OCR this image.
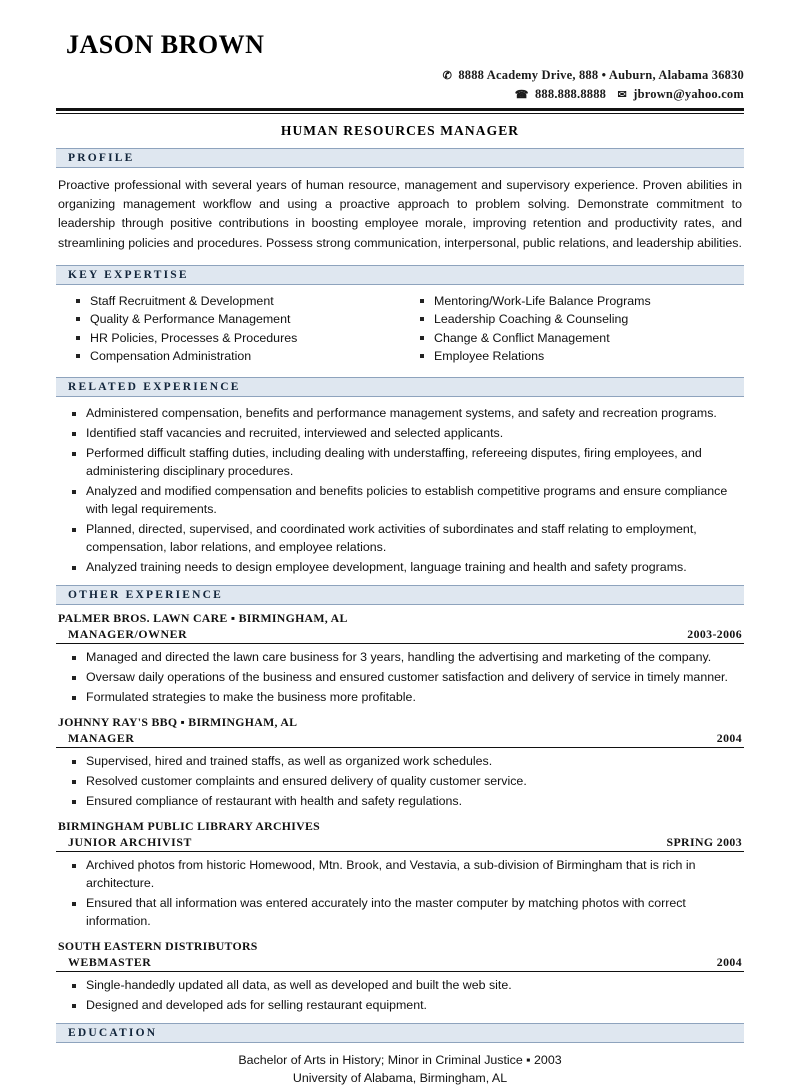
JASON BROWN
✆ 8888 Academy Drive, 888 • Auburn, Alabama 36830
☎ 888.888.8888 ✉ jbrown@yahoo.com
HUMAN RESOURCES MANAGER
PROFILE
Proactive professional with several years of human resource, management and supervisory experience. Proven abilities in organizing management workflow and using a proactive approach to problem solving. Demonstrate commitment to leadership through positive contributions in boosting employee morale, improving retention and productivity rates, and streamlining policies and procedures. Possess strong communication, interpersonal, public relations, and leadership abilities.
KEY EXPERTISE
Staff Recruitment & Development
Quality & Performance Management
HR Policies, Processes & Procedures
Compensation Administration
Mentoring/Work-Life Balance Programs
Leadership Coaching & Counseling
Change & Conflict Management
Employee Relations
RELATED EXPERIENCE
Administered compensation, benefits and performance management systems, and safety and recreation programs.
Identified staff vacancies and recruited, interviewed and selected applicants.
Performed difficult staffing duties, including dealing with understaffing, refereeing disputes, firing employees, and administering disciplinary procedures.
Analyzed and modified compensation and benefits policies to establish competitive programs and ensure compliance with legal requirements.
Planned, directed, supervised, and coordinated work activities of subordinates and staff relating to employment, compensation, labor relations, and employee relations.
Analyzed training needs to design employee development, language training and health and safety programs.
OTHER EXPERIENCE
PALMER BROS. LAWN CARE ▪ BIRMINGHAM, AL
MANAGER/OWNER	2003-2006
Managed and directed the lawn care business for 3 years, handling the advertising and marketing of the company.
Oversaw daily operations of the business and ensured customer satisfaction and delivery of service in timely manner.
Formulated strategies to make the business more profitable.
JOHNNY RAY'S BBQ ▪ BIRMINGHAM, AL
MANAGER	2004
Supervised, hired and trained staffs, as well as organized work schedules.
Resolved customer complaints and ensured delivery of quality customer service.
Ensured compliance of restaurant with health and safety regulations.
BIRMINGHAM PUBLIC LIBRARY ARCHIVES
JUNIOR ARCHIVIST	SPRING 2003
Archived photos from historic Homewood, Mtn. Brook, and Vestavia, a sub-division of Birmingham that is rich in architecture.
Ensured that all information was entered accurately into the master computer by matching photos with correct information.
SOUTH EASTERN DISTRIBUTORS
WEBMASTER	2004
Single-handedly updated all data, as well as developed and built the web site.
Designed and developed ads for selling restaurant equipment.
EDUCATION
Bachelor of Arts in History; Minor in Criminal Justice ▪ 2003
University of Alabama, Birmingham, AL
